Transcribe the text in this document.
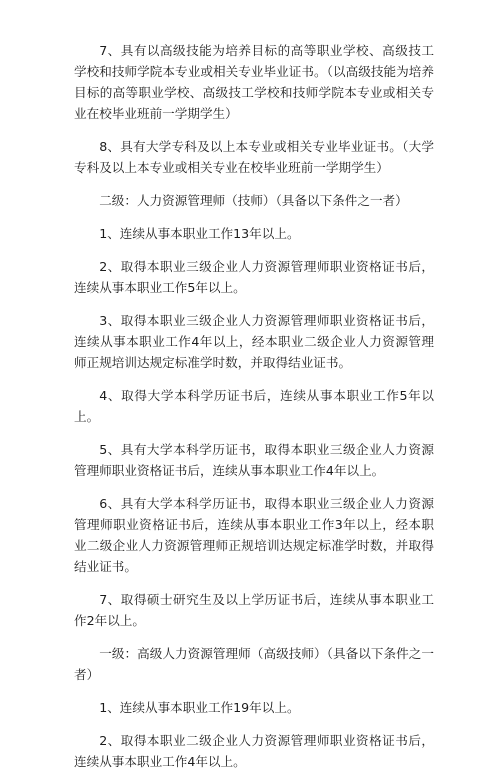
7、具有以高级技能为培养目标的高等职业学校、高级技工学校和技师学院本专业或相关专业毕业证书。（以高级技能为培养目标的高等职业学校、高级技工学校和技师学院本专业或相关专业在校毕业班前一学期学生）

8、具有大学专科及以上本专业或相关专业毕业证书。（大学专科及以上本专业或相关专业在校毕业班前一学期学生）

二级：人力资源管理师（技师）（具备以下条件之一者）

1、连续从事本职业工作13年以上。

2、取得本职业三级企业人力资源管理师职业资格证书后，连续从事本职业工作5年以上。

3、取得本职业三级企业人力资源管理师职业资格证书后，连续从事本职业工作4年以上，经本职业二级企业人力资源管理师正规培训达规定标准学时数，并取得结业证书。

4、取得大学本科学历证书后，连续从事本职业工作5年以上。

5、具有大学本科学历证书，取得本职业三级企业人力资源管理师职业资格证书后，连续从事本职业工作4年以上。

6、具有大学本科学历证书，取得本职业三级企业人力资源管理师职业资格证书后，连续从事本职业工作3年以上，经本职业二级企业人力资源管理师正规培训达规定标准学时数，并取得结业证书。

7、取得硕士研究生及以上学历证书后，连续从事本职业工作2年以上。

一级：高级人力资源管理师（高级技师）（具备以下条件之一者）

1、连续从事本职业工作19年以上。

2、取得本职业二级企业人力资源管理师职业资格证书后，连续从事本职业工作4年以上。
